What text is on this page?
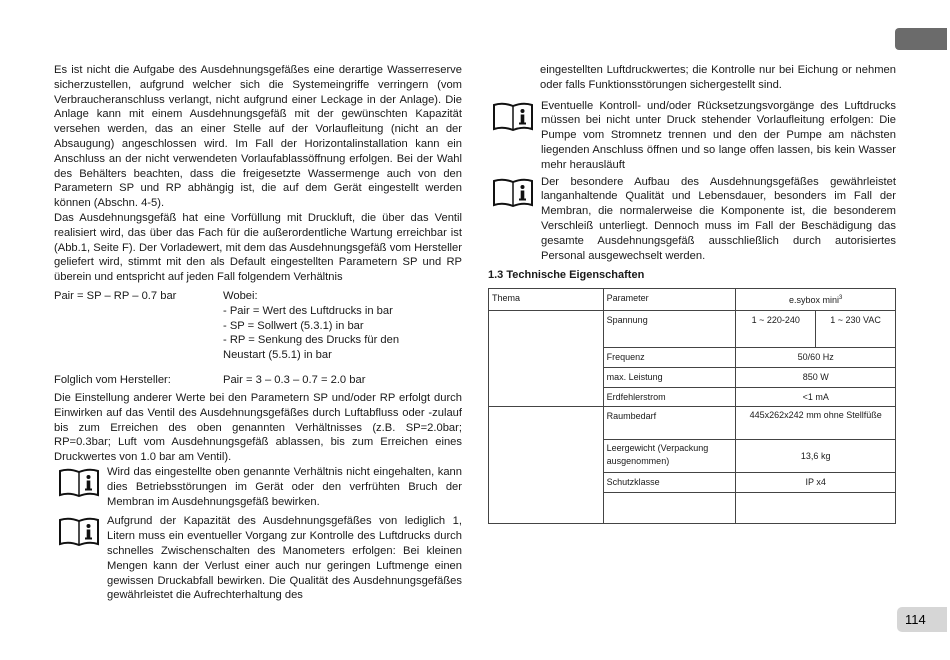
114

Es ist nicht die Aufgabe des Ausdehnungsgefäßes eine derartige Wasserreserve sicherzustellen, aufgrund welcher sich die Systemeingriffe verringern (vom Verbraucheranschluss verlangt, nicht aufgrund einer Leckage in der Anlage). Die Anlage kann mit einem Ausdehnungsgefäß mit der gewünschten Kapazität versehen werden, das an einer Stelle auf der Vorlaufleitung (nicht an der Absaugung) angeschlossen wird. Im Fall der Horizontalinstallation kann ein Anschluss an der nicht verwendeten Vorlaufablassöffnung erfolgen. Bei der Wahl des Behälters beachten, dass die freigesetzte Wassermenge auch von den Parametern SP und RP abhängig ist, die auf dem Gerät eingestellt werden können (Abschn. 4-5).

Das Ausdehnungsgefäß hat eine Vorfüllung mit Druckluft, die über das Ventil realisiert wird, das über das Fach für die außerordentliche Wartung erreichbar ist (Abb.1, Seite F). Der Vorladewert, mit dem das Ausdehnungsgefäß vom Hersteller geliefert wird, stimmt mit den als Default eingestellten Parametern SP und RP überein und entspricht auf jeden Fall folgendem Verhältnis

Pair = SP – RP – 0.7 bar	Wobei:
- Pair = Wert des Luftdrucks in bar
- SP = Sollwert (5.3.1) in bar
- RP = Senkung des Drucks für den
Neustart (5.5.1) in bar
Folglich vom Hersteller:	Pair = 3 – 0.3 – 0.7 = 2.0 bar

Die Einstellung anderer Werte bei den Parametern SP und/oder RP erfolgt durch Einwirken auf das Ventil des Ausdehnungsgefäßes durch Luftabfluss oder -zulauf bis zum Erreichen des oben genannten Verhältnisses (z.B. SP=2.0bar; RP=0.3bar; Luft vom Ausdehnungsgefäß ablassen, bis zum Erreichen eines Druckwertes von 1.0 bar am Ventil).

Wird das eingestellte oben genannte Verhältnis nicht eingehalten, kann dies Betriebsstörungen im Gerät oder den verfrühten Bruch der Membran im Ausdehnungsgefäß bewirken.

Aufgrund der Kapazität des Ausdehnungsgefäßes von lediglich 1, Litern muss ein eventueller Vorgang zur Kontrolle des Luftdrucks durch schnelles Zwischenschalten des Manometers erfolgen: Bei kleinen Mengen kann der Verlust einer auch nur geringen Luftmenge einen gewissen Druckabfall bewirken. Die Qualität des Ausdehnungsgefäßes gewährleistet die Aufrechterhaltung des

eingestellten Luftdruckwertes; die Kontrolle nur bei Eichung or nehmen oder falls Funktionsstörungen sichergestellt sind.

Eventuelle Kontroll- und/oder Rücksetzungsvorgänge des Luftdrucks müssen bei nicht unter Druck stehender Vorlaufleitung erfolgen: Die Pumpe vom Stromnetz trennen und den der Pumpe am nächsten liegenden Anschluss öffnen und so lange offen lassen, bis kein Wasser mehr herausläuft

Der besondere Aufbau des Ausdehnungsgefäßes gewährleistet langanhaltende Qualität und Lebensdauer, besonders im Fall der Membran, die normalerweise die Komponente ist, die besonderem Verschleiß unterliegt. Dennoch muss im Fall der Beschädigung das gesamte Ausdehnungsgefäß ausschließlich durch autorisiertes Personal ausgewechselt werden.

1.3 Technische Eigenschaften
Thema	Parameter	e.sybox mini$^3$
	Spannung	1 ~ 220-240	1 ~ 230 VAC
	Frequenz	50/60 Hz	
	max. Leistung	850 W	
	Erdfehlerstrom	<1 mA	

	Raumbedarf	445x262x242 mm ohne Stellfüße	
	Leergewicht (Verpackung ausgenommen)	13,6 kg	
	Schutzklasse	IP x4	
